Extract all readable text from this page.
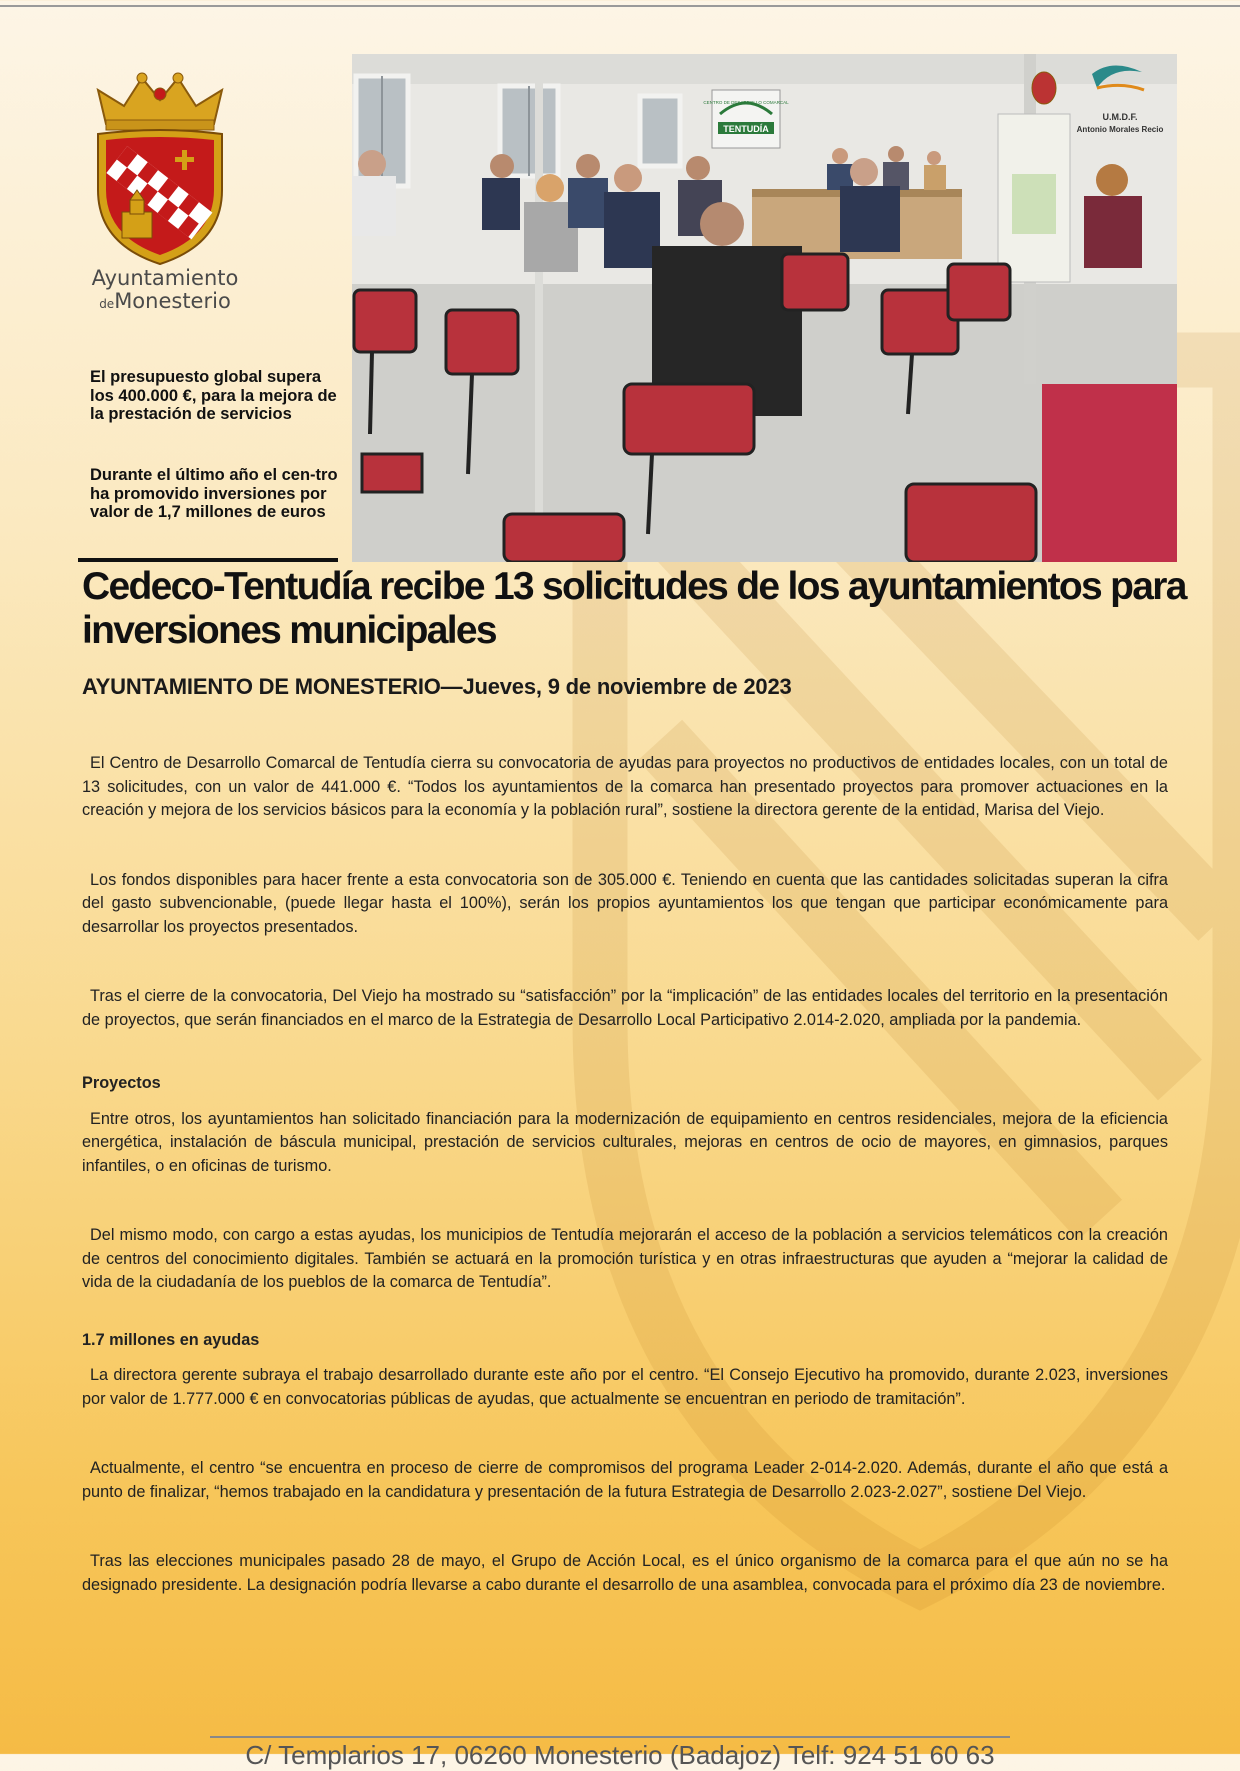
Ayuntamiento
deMonesterio
El presupuesto global supera los 400.000 €, para la mejora de la prestación de servicios
Durante el último año el cen-tro ha promovido inversiones por valor de 1,7 millones de euros
TENTUDÍA
CENTRO DE DESARROLLO COMARCAL
U.M.D.F.
Antonio Morales Recio
Cedeco-Tentudía recibe 13 solicitudes de los ayuntamientos para inversiones municipales

AYUNTAMIENTO DE MONESTERIO—Jueves, 9 de noviembre de 2023

El Centro de Desarrollo Comarcal de Tentudía cierra su convocatoria de ayudas para proyectos no productivos de entidades locales, con un total de 13 solicitudes, con un valor de 441.000 €. “Todos los ayuntamientos de la comarca han presentado proyectos para promover actuaciones en la creación y mejora de los servicios básicos para la economía y la población rural”, sostiene la directora gerente de la entidad, Marisa del Viejo.

Los fondos disponibles para hacer frente a esta convocatoria son de 305.000 €. Teniendo en cuenta que las cantidades solicitadas superan la cifra del gasto subvencionable, (puede llegar hasta el 100%), serán los propios ayuntamientos los que tengan que participar económicamente para desarrollar los proyectos presentados.

Tras el cierre de la convocatoria, Del Viejo ha mostrado su “satisfacción” por la “implicación” de las entidades locales del territorio en la presentación de proyectos, que serán financiados en el marco de la Estrategia de Desarrollo Local Participativo 2.014-2.020, ampliada por la pandemia.

Proyectos

Entre otros, los ayuntamientos han solicitado financiación para la modernización de equipamiento en centros residenciales, mejora de la eficiencia energética, instalación de báscula municipal, prestación de servicios culturales, mejoras en centros de ocio de mayores, en gimnasios, parques infantiles, o en oficinas de turismo.

Del mismo modo, con cargo a estas ayudas, los municipios de Tentudía mejorarán el acceso de la población a servicios telemáticos con la creación de centros del conocimiento digitales. También se actuará en la promoción turística y en otras infraestructuras que ayuden a “mejorar la calidad de vida de la ciudadanía de los pueblos de la comarca de Tentudía”.

1.7 millones en ayudas

La directora gerente subraya el trabajo desarrollado durante este año por el centro. “El Consejo Ejecutivo ha promovido, durante 2.023, inversiones por valor de 1.777.000 € en convocatorias públicas de ayudas, que actualmente se encuentran en periodo de tramitación”.

Actualmente, el centro “se encuentra en proceso de cierre de compromisos del programa Leader 2-014-2.020. Además, durante el año que está a punto de finalizar, “hemos trabajado en la candidatura y presentación de la futura Estrategia de Desarrollo 2.023-2.027”, sostiene Del Viejo.

Tras las elecciones municipales pasado 28 de mayo, el Grupo de Acción Local, es el único organismo de la comarca para el que aún no se ha designado presidente. La designación podría llevarse a cabo durante el desarrollo de una asamblea, convocada para el próximo día 23 de noviembre.

C/ Templarios 17, 06260 Monesterio (Badajoz) Telf: 924 51 60 63
